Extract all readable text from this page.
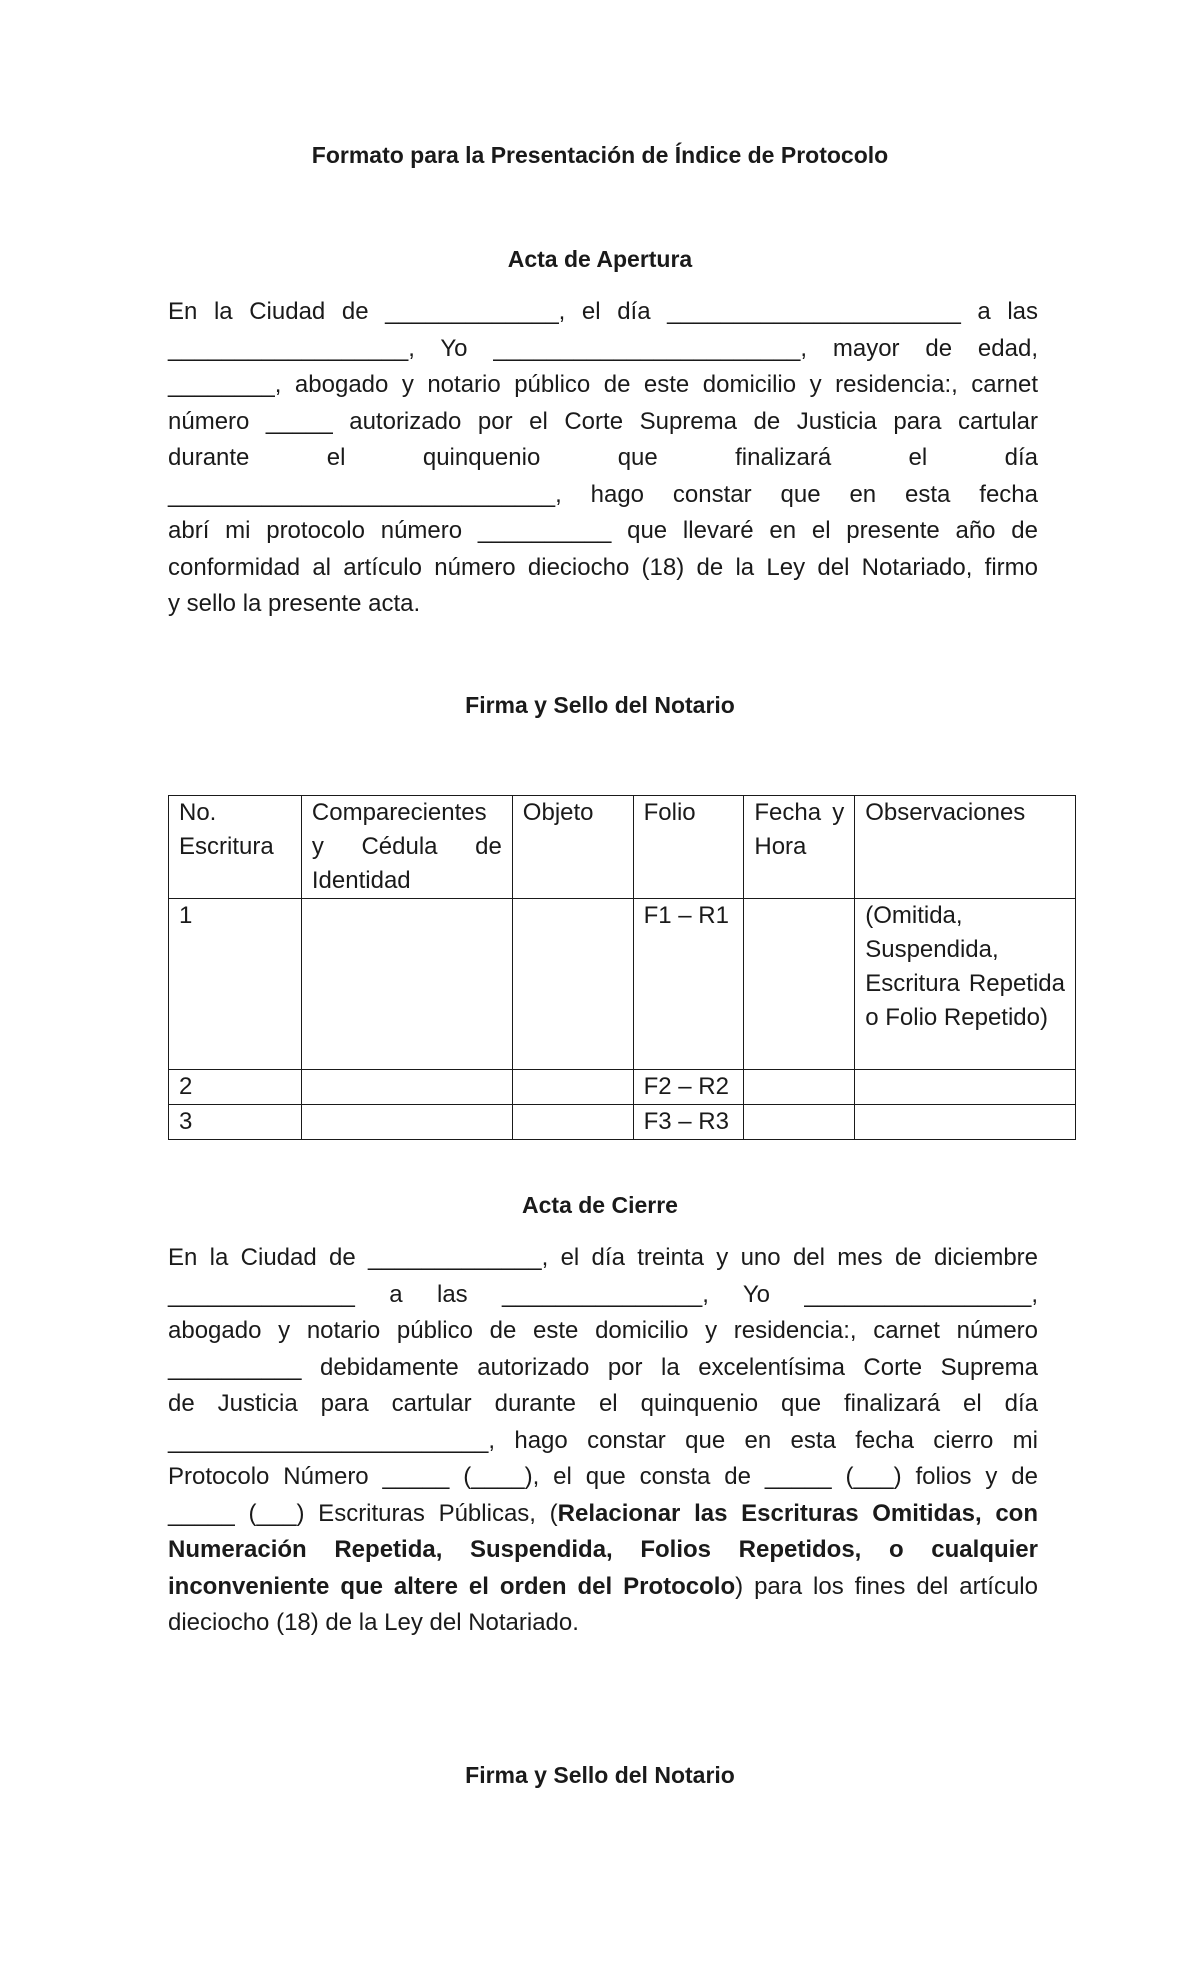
Formato para la Presentación de Índice de Protocolo
Acta de Apertura
En la Ciudad de _____________, el día ______________________ a las
__________________, Yo _______________________, mayor de edad,
________, abogado y notario público de este domicilio y residencia:, carnet
número _____ autorizado por el Corte Suprema de Justicia para cartular
durante el quinquenio que finalizará el día
_____________________________, hago constar que en esta fecha
abrí mi protocolo número __________ que llevaré en el presente año de
conformidad al artículo número dieciocho (18) de la Ley del Notariado, firmo
y sello la presente acta.
Firma y Sello del Notario
No. Escritura	Comparecientes y Cédula de Identidad	Objeto	Folio	Fecha y Hora	Observaciones
1			F1 – R1		(Omitida, Suspendida, Escritura Repetida o Folio Repetido)
2			F2 – R2		
3			F3 – R3		
Acta de Cierre
En la Ciudad de _____________, el día treinta y uno del mes de diciembre
______________ a las _______________, Yo _________________,
abogado y notario público de este domicilio y residencia:, carnet número
__________ debidamente autorizado por la excelentísima Corte Suprema
de Justicia para cartular durante el quinquenio que finalizará el día
________________________, hago constar que en esta fecha cierro mi
Protocolo Número _____ (____), el que consta de _____ (___) folios y de
_____ (___) Escrituras Públicas, (Relacionar las Escrituras Omitidas, con
Numeración Repetida, Suspendida, Folios Repetidos, o cualquier
inconveniente que altere el orden del Protocolo) para los fines del artículo
dieciocho (18) de la Ley del Notariado.
Firma y Sello del Notario
